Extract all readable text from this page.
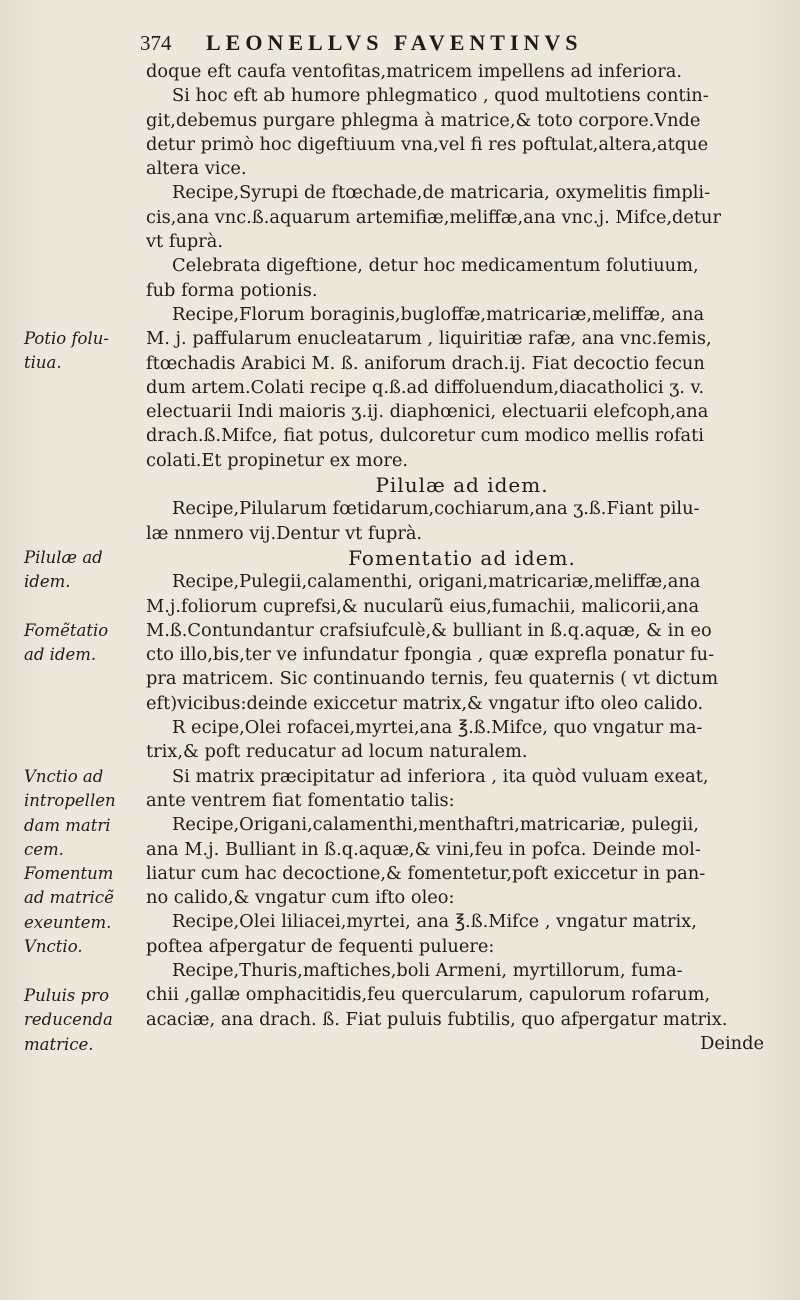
374	LEONELLVS FAVENTINVS
doque eft caufa ventofitas,matricem impellens ad inferiora.
Si hoc eft ab humore phlegmatico , quod multotiens contin-
git,debemus purgare phlegma à matrice,& toto corpore.Vnde
detur primò hoc digeftiuum vna,vel fi res poftulat,altera,atque
altera vice.
Recipe,Syrupi de ftœchade,de matricaria, oxymelitis fimpli-
cis,ana vnc.ß.aquarum artemifiæ,meliffæ,ana vnc.j. Mifce,detur
vt fuprà.
Celebrata digeftione, detur hoc medicamentum folutiuum,
fub forma potionis.
Recipe,Florum boraginis,bugloffæ,matricariæ,meliffæ, ana
M. j. paffularum enucleatarum , liquiritiæ rafæ, ana vnc.femis,
ftœchadis Arabici M. ß. aniforum drach.ij. Fiat decoctio fecun
dum artem.Colati recipe q.ß.ad diffoluendum,diacatholici ʒ. v.
electuarii Indi maioris ʒ.ij. diaphœnici, electuarii elefcoph,ana
drach.ß.Mifce, fiat potus, dulcoretur cum modico mellis rofati
colati.Et propinetur ex more.
Pilulæ ad idem.
Recipe,Pilularum fœtidarum,cochiarum,ana ʒ.ß.Fiant pilu-
læ nnmero vij.Dentur vt fuprà.
Fomentatio ad idem.
Recipe,Pulegii,calamenthi, origani,matricariæ,meliffæ,ana
M.j.foliorum cuprefsi,& nucularũ eius,fumachii, malicorii,ana
M.ß.Contundantur crafsiufculè,& bulliant in ß.q.aquæ, & in eo
cto illo,bis,ter ve infundatur fpongia , quæ exprefla ponatur fu-
pra matricem. Sic continuando ternis, feu quaternis ( vt dictum
eft)vicibus:deinde exiccetur matrix,& vngatur ifto oleo calido.
R ecipe,Olei rofacei,myrtei,ana ℥.ß.Mifce, quo vngatur ma-
trix,& poft reducatur ad locum naturalem.
Si matrix præcipitatur ad inferiora , ita quòd vuluam exeat,
ante ventrem fiat fomentatio talis:
Recipe,Origani,calamenthi,menthaftri,matricariæ, pulegii,
ana M.j. Bulliant in ß.q.aquæ,& vini,feu in pofca. Deinde mol-
liatur cum hac decoctione,& fomentetur,poft exiccetur in pan-
no calido,& vngatur cum ifto oleo:
Recipe,Olei liliacei,myrtei, ana ℥.ß.Mifce , vngatur matrix,
poftea afpergatur de fequenti puluere:
Recipe,Thuris,maftiches,boli Armeni, myrtillorum, fuma-
chii ,gallæ omphacitidis,feu quercularum, capulorum rofarum,
acaciæ, ana drach. ß. Fiat puluis fubtilis, quo afpergatur matrix.
Deinde
Potio folu-
tiua.
Pilulæ ad
idem.
Fomẽtatio
ad idem.
Vnctio ad
intropellen
dam matri
cem.
Fomentum
ad matricẽ
exeuntem.
Vnctio.
Puluis pro
reducenda
matrice.
